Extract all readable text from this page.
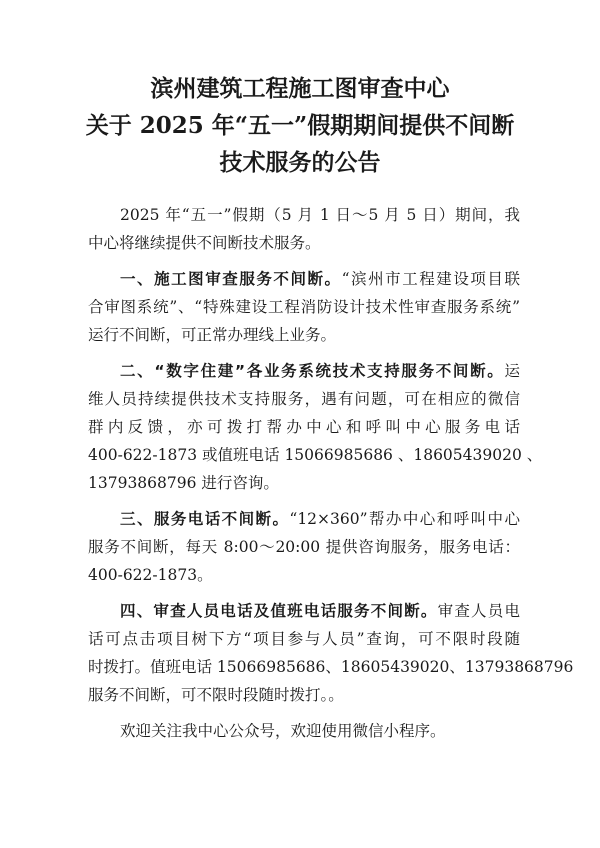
滨州建筑工程施工图审查中心
关于 2025 年“五一”假期期间提供不间断
技术服务的公告
2025 年“五一”假期（5 月 1 日～5 月 5 日）期间，我
中心将继续提供不间断技术服务。
一、施工图审查服务不间断。“滨州市工程建设项目联
合审图系统”、“特殊建设工程消防设计技术性审查服务系统”
运行不间断，可正常办理线上业务。
二、“数字住建”各业务系统技术支持服务不间断。运
维人员持续提供技术支持服务，遇有问题，可在相应的微信
群内反馈，亦可拨打帮办中心和呼叫中心服务电话
400-622-1873 或值班电话 15066985686 、18605439020 、
13793868796 进行咨询。
三、服务电话不间断。“12×360”帮办中心和呼叫中心
服务不间断，每天 8:00～20:00 提供咨询服务，服务电话：
400-622-1873。
四、审查人员电话及值班电话服务不间断。审查人员电
话可点击项目树下方“项目参与人员”查询，可不限时段随
时拨打。值班电话 15066985686、18605439020、13793868796
服务不间断，可不限时段随时拨打。。
欢迎关注我中心公众号，欢迎使用微信小程序。
